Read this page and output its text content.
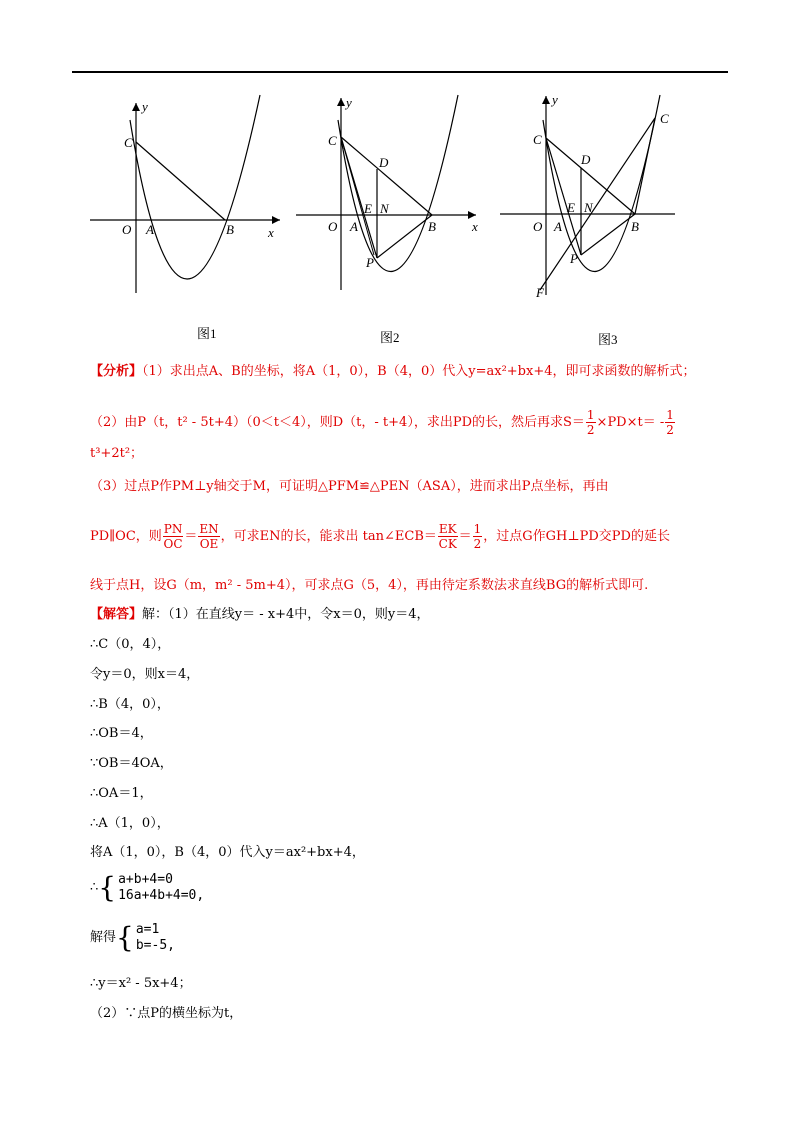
C
O A	B	x
y
图1
C
O A	B
D
E N
P
x
y
图2
C
O A	B
D
E N
P
F
C
y
图3
【分析】（1）求出点A、B的坐标，将A（1，0），B（4，0）代入y=ax²+bx+4，即可求函数的解析式；
（2）由P（t，t² - 5t+4）（0＜t＜4），则D（t，- t+4），求出PD的长，然后再求$S= \frac{1}{2} \times PD\times t= - \frac{1}{2}$
t³+2t²；
（3）过点P作PM⊥y轴交于M，可证明△PFM≌△PEN（ASA），进而求出P点坐标，再由
PD∥OC，则 $\frac{PN}{OC} = \frac{EN}{OE}$ ，可求EN的长，能求出 tan∠ECB＝ $\frac{EK}{CK} = \frac{1}{2}$ ，过点G作GH⊥PD交PD的延长
线于点H，设G（m，m² - 5m+4），可求点G（5，4），再由待定系数法求直线BG的解析式即可.
【解答】解：（1）在直线y＝ - x+4中，令x＝0，则y＝4，
∴C（0，4），
令y＝0，则x＝4，
∴B（4，0），
∴OB＝4，
∵OB＝4OA，
∴OA＝1，
∴A（1，0），
将A（1，0），B（4，0）代入y＝ax²+bx+4，
∴{ a+b+4=0
16a+4b+4=0,
解得{ a=1
b=-5,
∴y＝x² - 5x+4；
（2）∵点P的横坐标为t，
